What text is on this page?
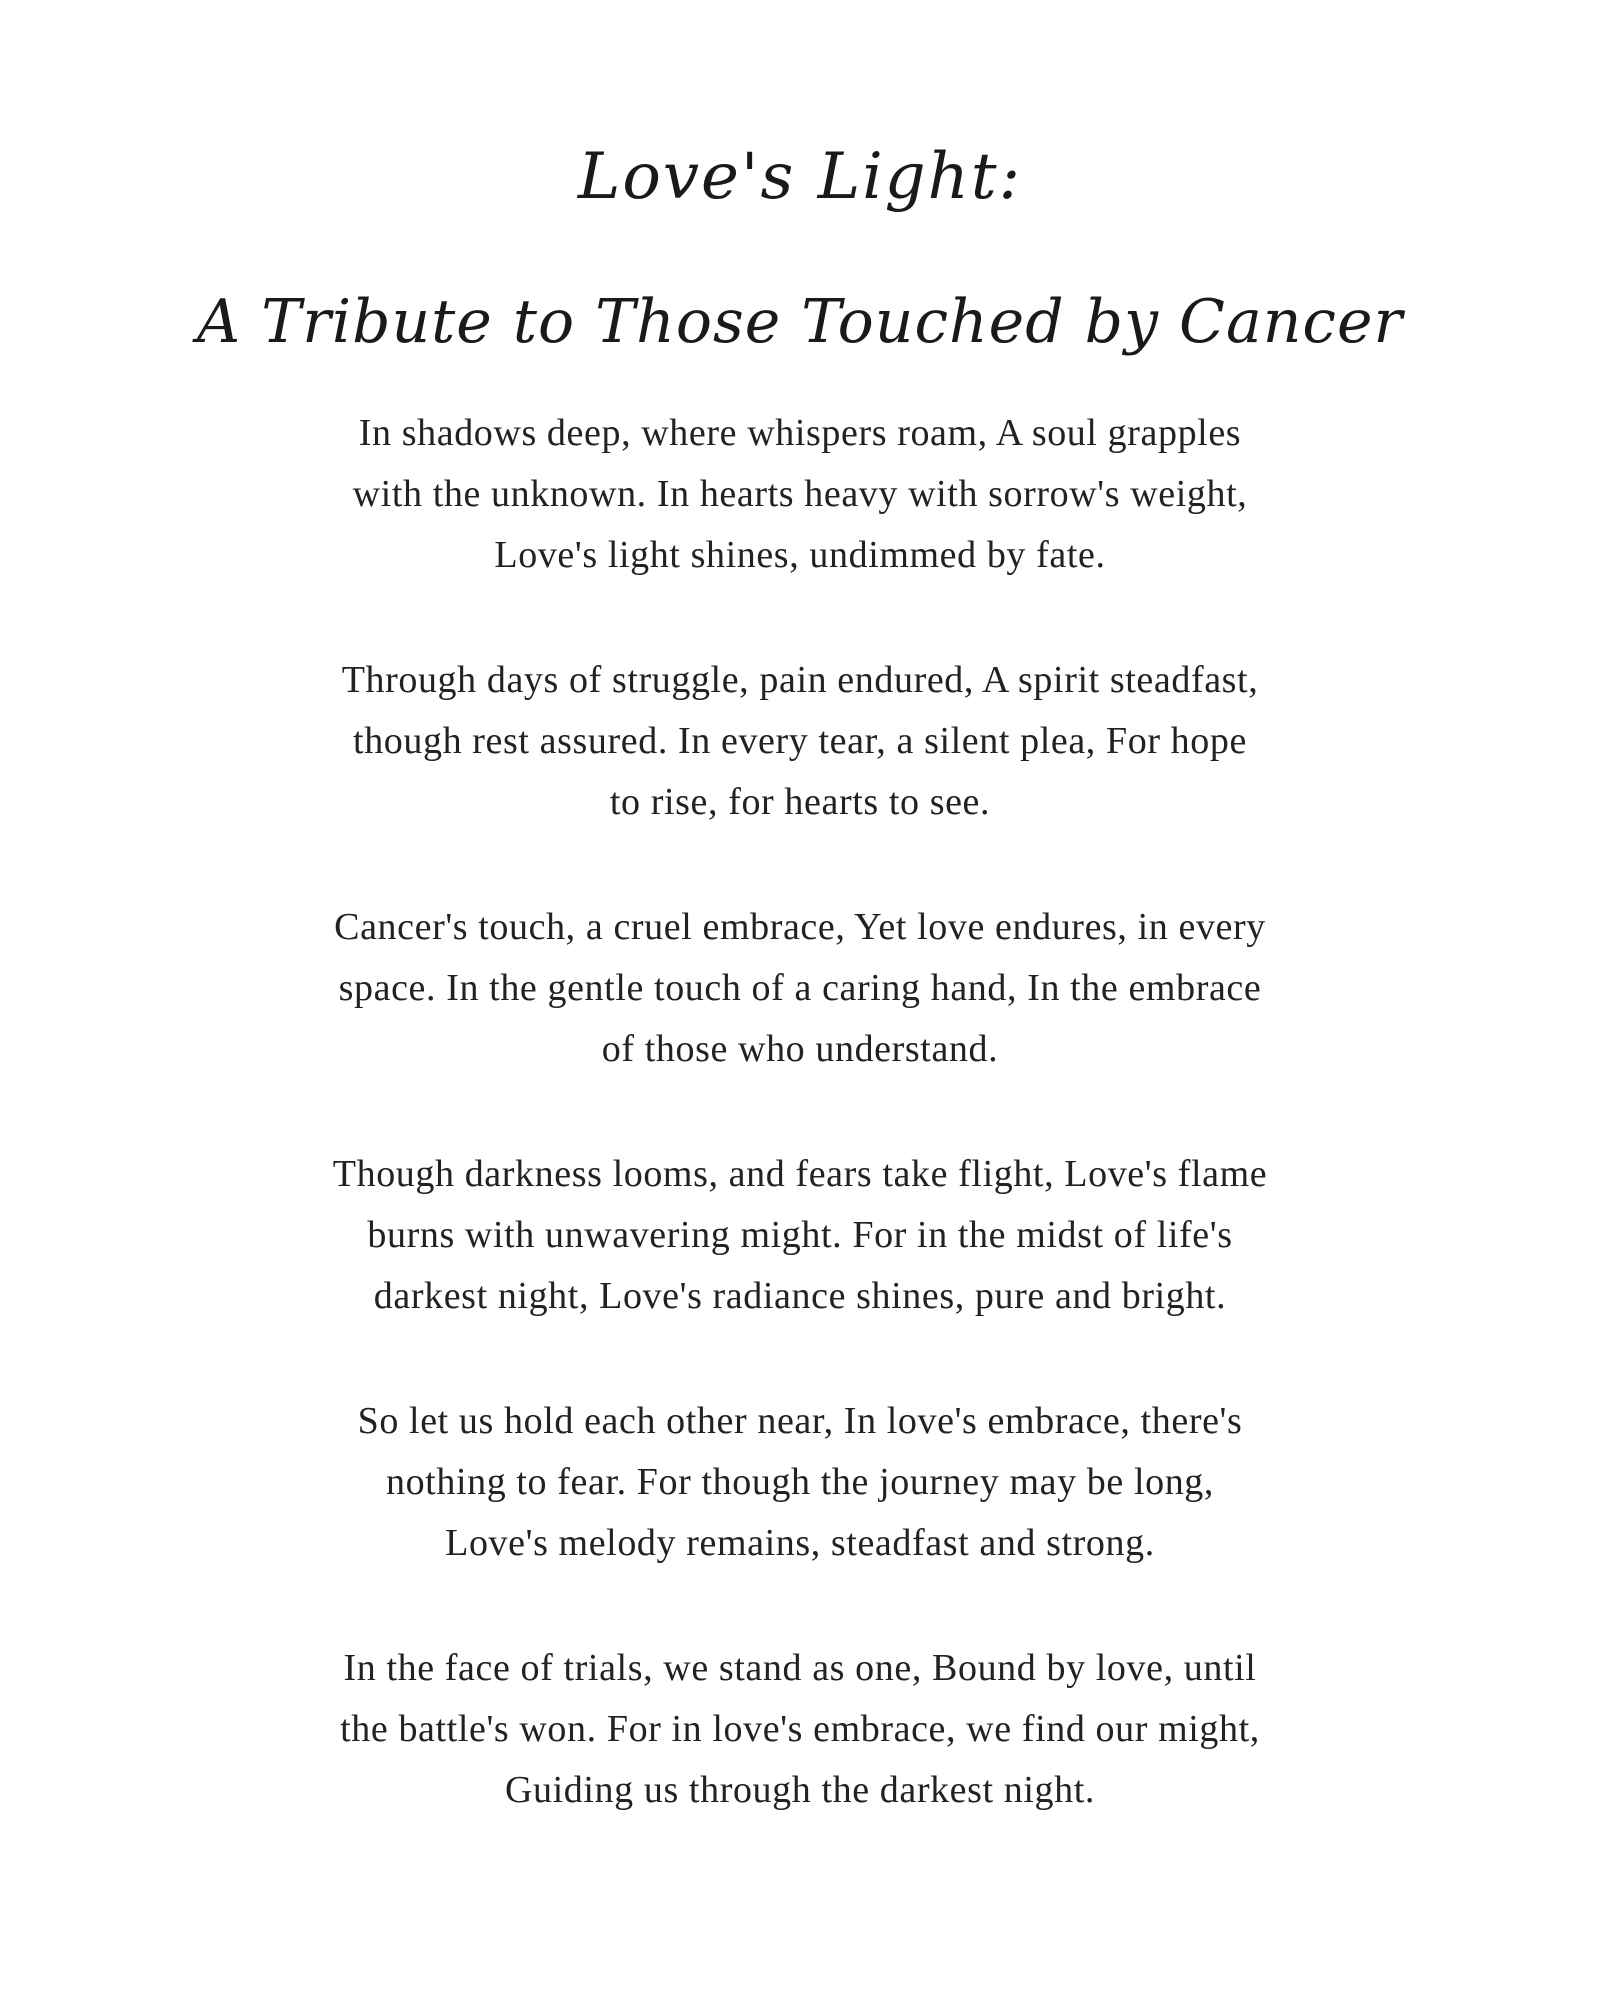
Love's Light:
A Tribute to Those Touched by Cancer

In shadows deep, where whispers roam, A soul grapples
with the unknown. In hearts heavy with sorrow's weight,
Love's light shines, undimmed by fate.

Through days of struggle, pain endured, A spirit steadfast,
though rest assured. In every tear, a silent plea, For hope
to rise, for hearts to see.

Cancer's touch, a cruel embrace, Yet love endures, in every
space. In the gentle touch of a caring hand, In the embrace
of those who understand.

Though darkness looms, and fears take flight, Love's flame
burns with unwavering might. For in the midst of life's
darkest night, Love's radiance shines, pure and bright.

So let us hold each other near, In love's embrace, there's
nothing to fear. For though the journey may be long,
Love's melody remains, steadfast and strong.

In the face of trials, we stand as one, Bound by love, until
the battle's won. For in love's embrace, we find our might,
Guiding us through the darkest night.
